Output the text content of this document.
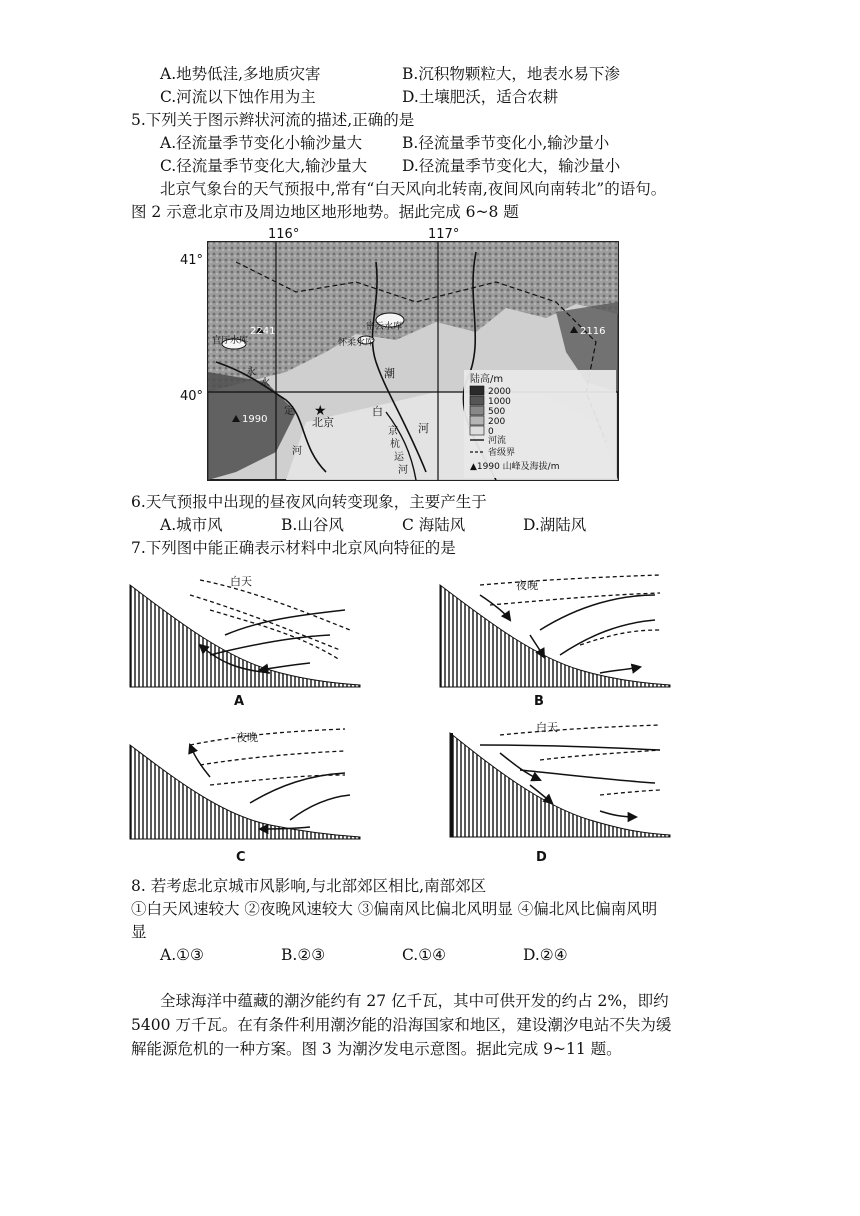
A.地势低洼,多地质灾害	B.沉积物颗粒大，地表水易下渗
C.河流以下蚀作用为主	D.土壤肥沃，适合农耕
5.下列关于图示辫状河流的描述,正确的是
A.径流量季节变化小输沙量大	B.径流量季节变化小,输沙量小
C.径流量季节变化大,输沙量大 D.径流量季节变化大，输沙量小
北京气象台的天气预报中,常有“白天风向北转南,夜间风向南转北”的语句。
图 2 示意北京市及周边地区地形地势。据此完成 6~8 题
★
116°	117°
41°
40°
2241	2116
1990
官厅水库
密云水库
怀柔水库
北京
潮
白
河
永
水
定
河
京
杭
运
河
陆高/m
2000
1000
500
200
0
河流
省级界
▲1990 山峰及海拔/m
6.天气预报中出现的昼夜风向转变现象，主要产生于
A.城市风	B.山谷风	C 海陆风	D.湖陆风
7.下列图中能正确表示材料中北京风向特征的是
白天
A
夜晚
B
夜晚
C
白天
D
8. 若考虑北京城市风影响,与北部郊区相比,南部郊区
①白天风速较大 ②夜晚风速较大 ③偏南风比偏北风明显 ④偏北风比偏南风明
显
A.①③	B.②③	C.①④	D.②④
全球海洋中蕴藏的潮汐能约有 27 亿千瓦，其中可供开发的约占 2%，即约
5400 万千瓦。在有条件利用潮汐能的沿海国家和地区，建设潮汐电站不失为缓
解能源危机的一种方案。图 3 为潮汐发电示意图。据此完成 9~11 题。
